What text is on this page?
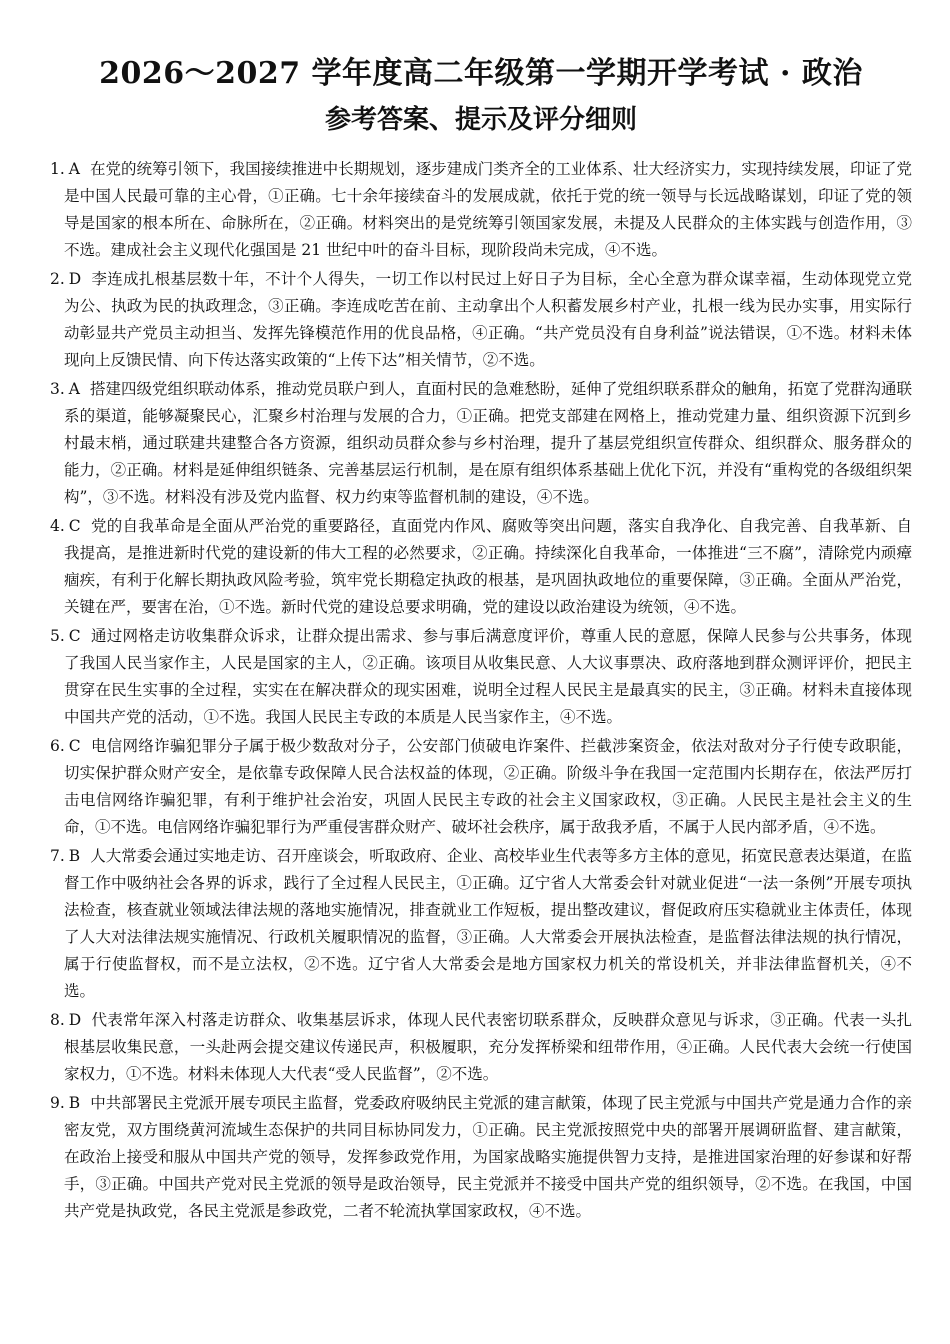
2026～2027 学年度高二年级第一学期开学考试 · 政治
参考答案、提示及评分细则

1. A 在党的统筹引领下，我国接续推进中长期规划，逐步建成门类齐全的工业体系、壮大经济实力，实现持续发展，印证了党是中国人民最可靠的主心骨，①正确。七十余年接续奋斗的发展成就，依托于党的统一领导与长远战略谋划，印证了党的领导是国家的根本所在、命脉所在，②正确。材料突出的是党统筹引领国家发展，未提及人民群众的主体实践与创造作用，③不选。建成社会主义现代化强国是 21 世纪中叶的奋斗目标，现阶段尚未完成，④不选。

2. D 李连成扎根基层数十年，不计个人得失，一切工作以村民过上好日子为目标，全心全意为群众谋幸福，生动体现党立党为公、执政为民的执政理念，③正确。李连成吃苦在前、主动拿出个人积蓄发展乡村产业，扎根一线为民办实事，用实际行动彰显共产党员主动担当、发挥先锋模范作用的优良品格，④正确。“共产党员没有自身利益”说法错误，①不选。材料未体现向上反馈民情、向下传达落实政策的“上传下达”相关情节，②不选。

3. A 搭建四级党组织联动体系，推动党员联户到人，直面村民的急难愁盼，延伸了党组织联系群众的触角，拓宽了党群沟通联系的渠道，能够凝聚民心，汇聚乡村治理与发展的合力，①正确。把党支部建在网格上，推动党建力量、组织资源下沉到乡村最末梢，通过联建共建整合各方资源，组织动员群众参与乡村治理，提升了基层党组织宣传群众、组织群众、服务群众的能力，②正确。材料是延伸组织链条、完善基层运行机制，是在原有组织体系基础上优化下沉，并没有“重构党的各级组织架构”，③不选。材料没有涉及党内监督、权力约束等监督机制的建设，④不选。

4. C 党的自我革命是全面从严治党的重要路径，直面党内作风、腐败等突出问题，落实自我净化、自我完善、自我革新、自我提高，是推进新时代党的建设新的伟大工程的必然要求，②正确。持续深化自我革命，一体推进“三不腐”，清除党内顽瘴痼疾，有利于化解长期执政风险考验，筑牢党长期稳定执政的根基，是巩固执政地位的重要保障，③正确。全面从严治党，关键在严，要害在治，①不选。新时代党的建设总要求明确，党的建设以政治建设为统领，④不选。

5. C 通过网格走访收集群众诉求，让群众提出需求、参与事后满意度评价，尊重人民的意愿，保障人民参与公共事务，体现了我国人民当家作主，人民是国家的主人，②正确。该项目从收集民意、人大议事票决、政府落地到群众测评评价，把民主贯穿在民生实事的全过程，实实在在解决群众的现实困难，说明全过程人民民主是最真实的民主，③正确。材料未直接体现中国共产党的活动，①不选。我国人民民主专政的本质是人民当家作主，④不选。

6. C 电信网络诈骗犯罪分子属于极少数敌对分子，公安部门侦破电诈案件、拦截涉案资金，依法对敌对分子行使专政职能，切实保护群众财产安全，是依靠专政保障人民合法权益的体现，②正确。阶级斗争在我国一定范围内长期存在，依法严厉打击电信网络诈骗犯罪，有利于维护社会治安，巩固人民民主专政的社会主义国家政权，③正确。人民民主是社会主义的生命，①不选。电信网络诈骗犯罪行为严重侵害群众财产、破坏社会秩序，属于敌我矛盾，不属于人民内部矛盾，④不选。

7. B 人大常委会通过实地走访、召开座谈会，听取政府、企业、高校毕业生代表等多方主体的意见，拓宽民意表达渠道，在监督工作中吸纳社会各界的诉求，践行了全过程人民民主，①正确。辽宁省人大常委会针对就业促进“一法一条例”开展专项执法检查，核查就业领域法律法规的落地实施情况，排查就业工作短板，提出整改建议，督促政府压实稳就业主体责任，体现了人大对法律法规实施情况、行政机关履职情况的监督，③正确。人大常委会开展执法检查，是监督法律法规的执行情况，属于行使监督权，而不是立法权，②不选。辽宁省人大常委会是地方国家权力机关的常设机关，并非法律监督机关，④不选。

8. D 代表常年深入村落走访群众、收集基层诉求，体现人民代表密切联系群众，反映群众意见与诉求，③正确。代表一头扎根基层收集民意，一头赴两会提交建议传递民声，积极履职，充分发挥桥梁和纽带作用，④正确。人民代表大会统一行使国家权力，①不选。材料未体现人大代表“受人民监督”，②不选。

9. B 中共部署民主党派开展专项民主监督，党委政府吸纳民主党派的建言献策，体现了民主党派与中国共产党是通力合作的亲密友党，双方围绕黄河流域生态保护的共同目标协同发力，①正确。民主党派按照党中央的部署开展调研监督、建言献策，在政治上接受和服从中国共产党的领导，发挥参政党作用，为国家战略实施提供智力支持，是推进国家治理的好参谋和好帮手，③正确。中国共产党对民主党派的领导是政治领导，民主党派并不接受中国共产党的组织领导，②不选。在我国，中国共产党是执政党，各民主党派是参政党，二者不轮流执掌国家政权，④不选。
